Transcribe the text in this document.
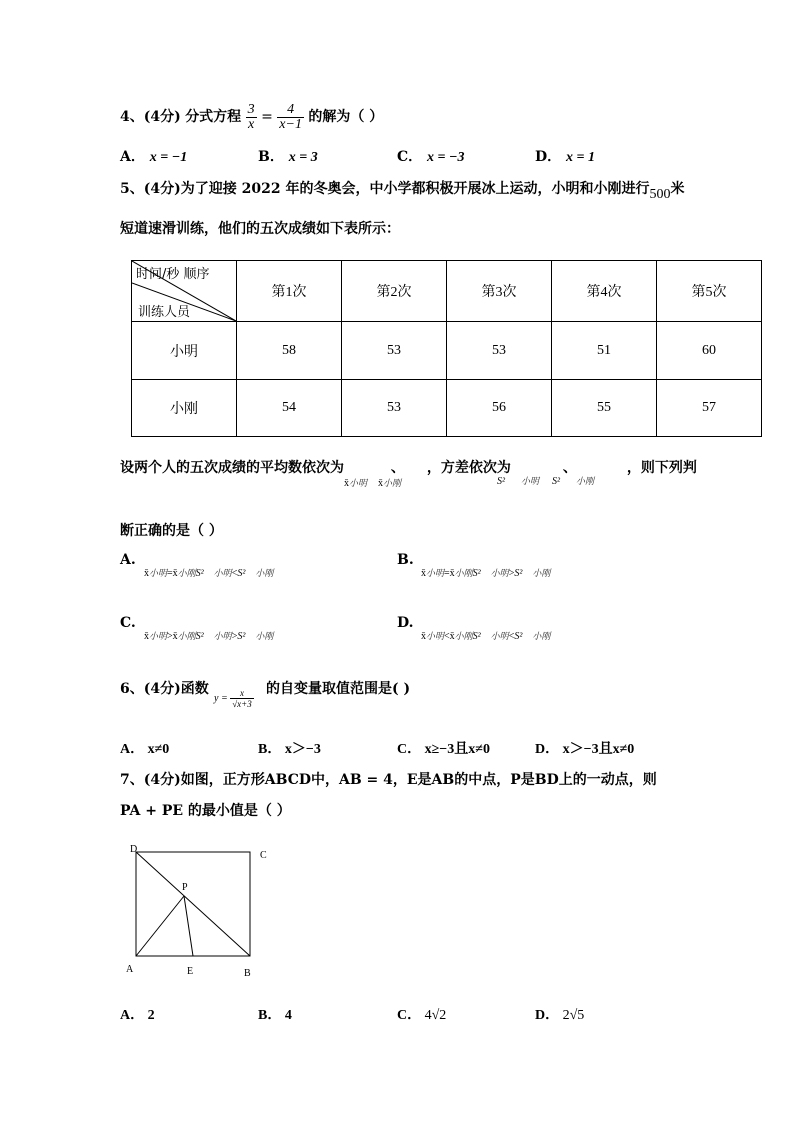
4、(4分) 分式方程 $\frac{3}{x} = \frac{4}{x-1}$ 的解为（ ）
A． x = −1	B． x = 3	C． x = −3	D． x = 1
5、(4分)为了迎接 2022 年的冬奥会，中小学都积极开展冰上运动，小明和小刚进行500米
短道速滑训练，他们的五次成绩如下表所示：
时间/秒 顺序
训练人员	第1次	第2次	第3次	第4次	第5次
小明	58	53	53	51	60
小刚	54	53	56	55	57
设两个人的五次成绩的平均数依次为	、 ，方差依次为	、	，则下列判
x̄小明 x̄小刚	S² 小明 S² 小刚
断正确的是（ ）
A.
x̄小明=x̄小刚S² 小明<S² 小刚
B.
x̄小明=x̄小刚S² 小明>S² 小刚
C.
x̄小明>x̄小刚S² 小明>S² 小刚
D.
x̄小明<x̄小刚S² 小明<S² 小刚
6、(4分)函数
$y = \frac{x}{√x+3}$ 的自变量取值范围是( )
A． x≠0	B． x＞−3	C． x≥−3且x≠0	D． x＞−3且x≠0
7、(4分)如图，正方形ABCD中，AB = 4，E是AB的中点，P是BD上的一动点，则
PA + PE 的最小值是（ ）
D
C
P
A	E	B
A． 2	B． 4	C． 4√2	D． 2√5
